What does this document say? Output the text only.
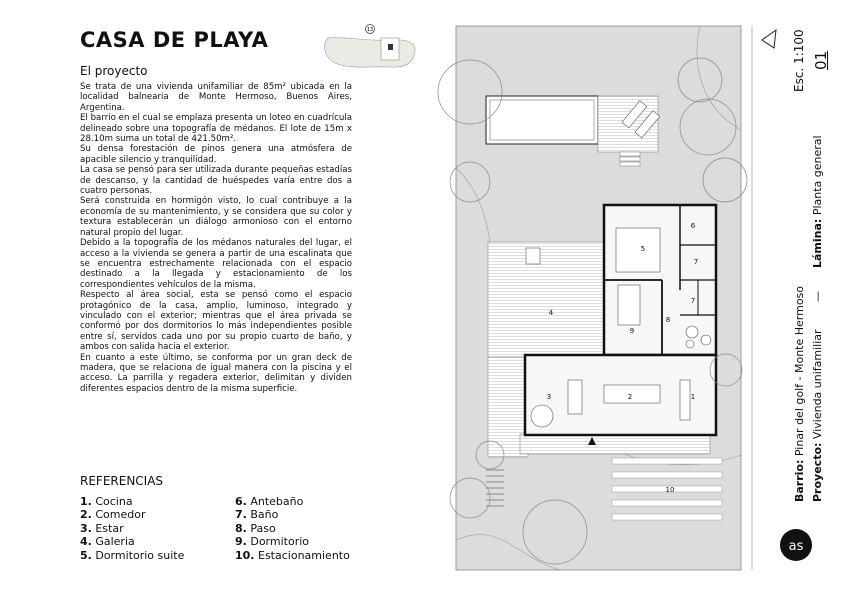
CASA DE PLAYA
El proyecto

Se trata de una vivienda unifamiliar de 85m² ubicada en la localidad balnearia de Monte Hermoso, Buenos Aires, Argentina.

El barrio en el cual se emplaza presenta un loteo en cuadrícula delineado sobre una topografía de médanos. El lote de 15m x 28.10m suma un total de 421.50m².

Su densa forestación de pinos genera una atmósfera de apacible silencio y tranquilidad.

La casa se pensó para ser utilizada durante pequeñas estadías de descanso, y la cantidad de huéspedes varía entre dos a cuatro personas.

Será construida en hormigón visto, lo cual contribuye a la economía de su mantenimiento, y se considera que su color y textura establecerán un diálogo armonioso con el entorno natural propio del lugar.

Debido a la topografía de los médanos naturales del lugar, el acceso a la vivienda se genera a partir de una escalinata que se encuentra estrechamente relacionada con el espacio destinado a la llegada y estacionamiento de los correspondientes vehículos de la misma.

Respecto al área social, esta se pensó como el espacio protagónico de la casa, amplio, luminoso, integrado y vinculado con el exterior; mientras que el área privada se conformó por dos dormitorios lo más independientes posible entre sí, servidos cada uno por su propio cuarto de baño, y ambos con salida hacia el exterior.

En cuanto a este último, se conforma por un gran deck de madera, que se relaciona de igual manera con la piscina y el acceso. La parrilla y regadera exterior, delimitan y dividen diferentes espacios dentro de la misma superficie.

REFERENCIAS
1. Cocina
2. Comedor
3. Estar
4. Galeria
5. Dormitorio suite
6. Antebaño
7. Baño
8. Paso
9. Dormitorio
10. Estacionamiento
13
1
2
3
4
5
6
7
7
8
9
10
as
Esc. 1:100 01
Lámina: Planta general
—
Barrio: Pinar del golf - Monte Hermoso
Proyecto: Vivienda unifamiliar
